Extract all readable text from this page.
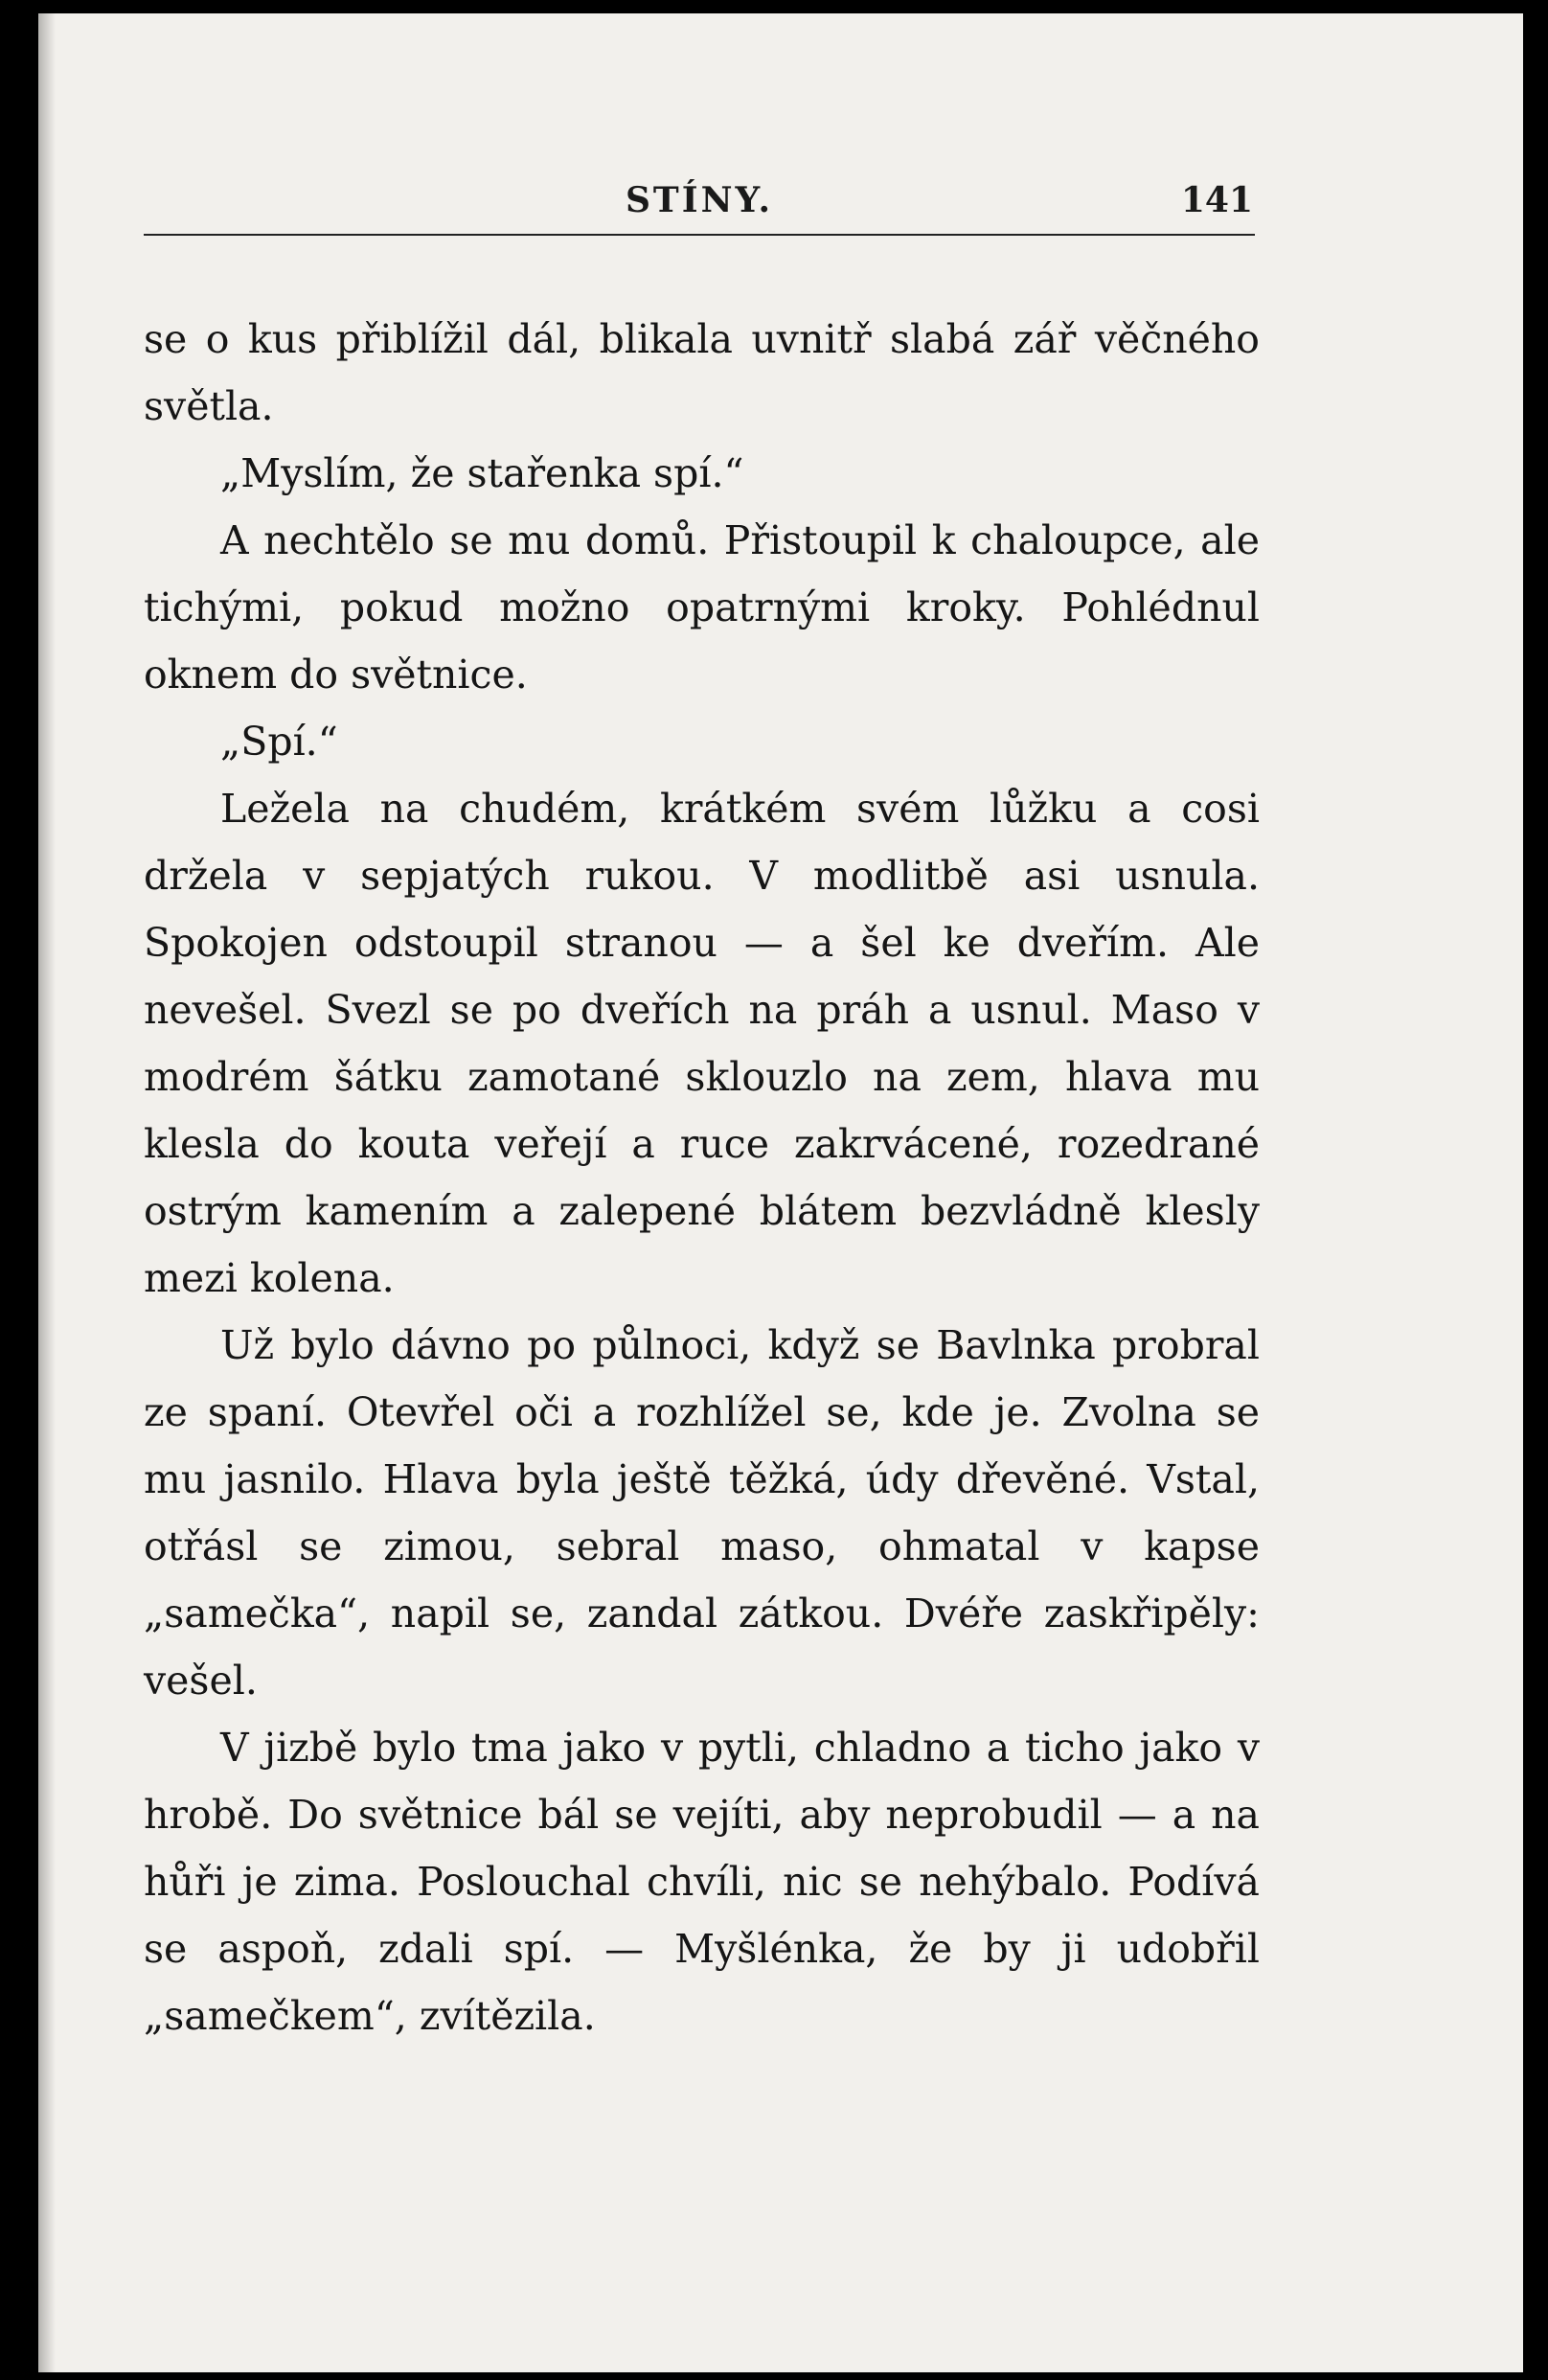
STÍNY.	141

se o kus přiblížil dál, blikala uvnitř slabá zář věčného světla.

„Myslím, že stařenka spí.“

A nechtělo se mu domů. Přistoupil k chaloupce, ale tichými, pokud možno opatrnými kroky. Pohlédnul oknem do světnice.

„Spí.“

Ležela na chudém, krátkém svém lůžku a cosi držela v sepjatých rukou. V modlitbě asi usnula. Spokojen odstoupil stranou — a šel ke dveřím. Ale nevešel. Svezl se po dveřích na práh a usnul. Maso v modrém šátku zamotané sklouzlo na zem, hlava mu klesla do kouta veřejí a ruce zakrvácené, rozedrané ostrým kamením a zalepené blátem bezvládně klesly mezi kolena.

Už bylo dávno po půlnoci, když se Bavlnka probral ze spaní. Otevřel oči a rozhlížel se, kde je. Zvolna se mu jasnilo. Hlava byla ještě těžká, údy dřevěné. Vstal, otřásl se zimou, sebral maso, ohmatal v kapse „samečka“, napil se, zandal zátkou. Dvéře zaskřipěly: vešel.

V jizbě bylo tma jako v pytli, chladno a ticho jako v hrobě. Do světnice bál se vejíti, aby neprobudil — a na hůři je zima. Poslouchal chvíli, nic se nehýbalo. Podívá se aspoň, zdali spí. — Myšlénka, že by ji udobřil „samečkem“, zvítězila.
